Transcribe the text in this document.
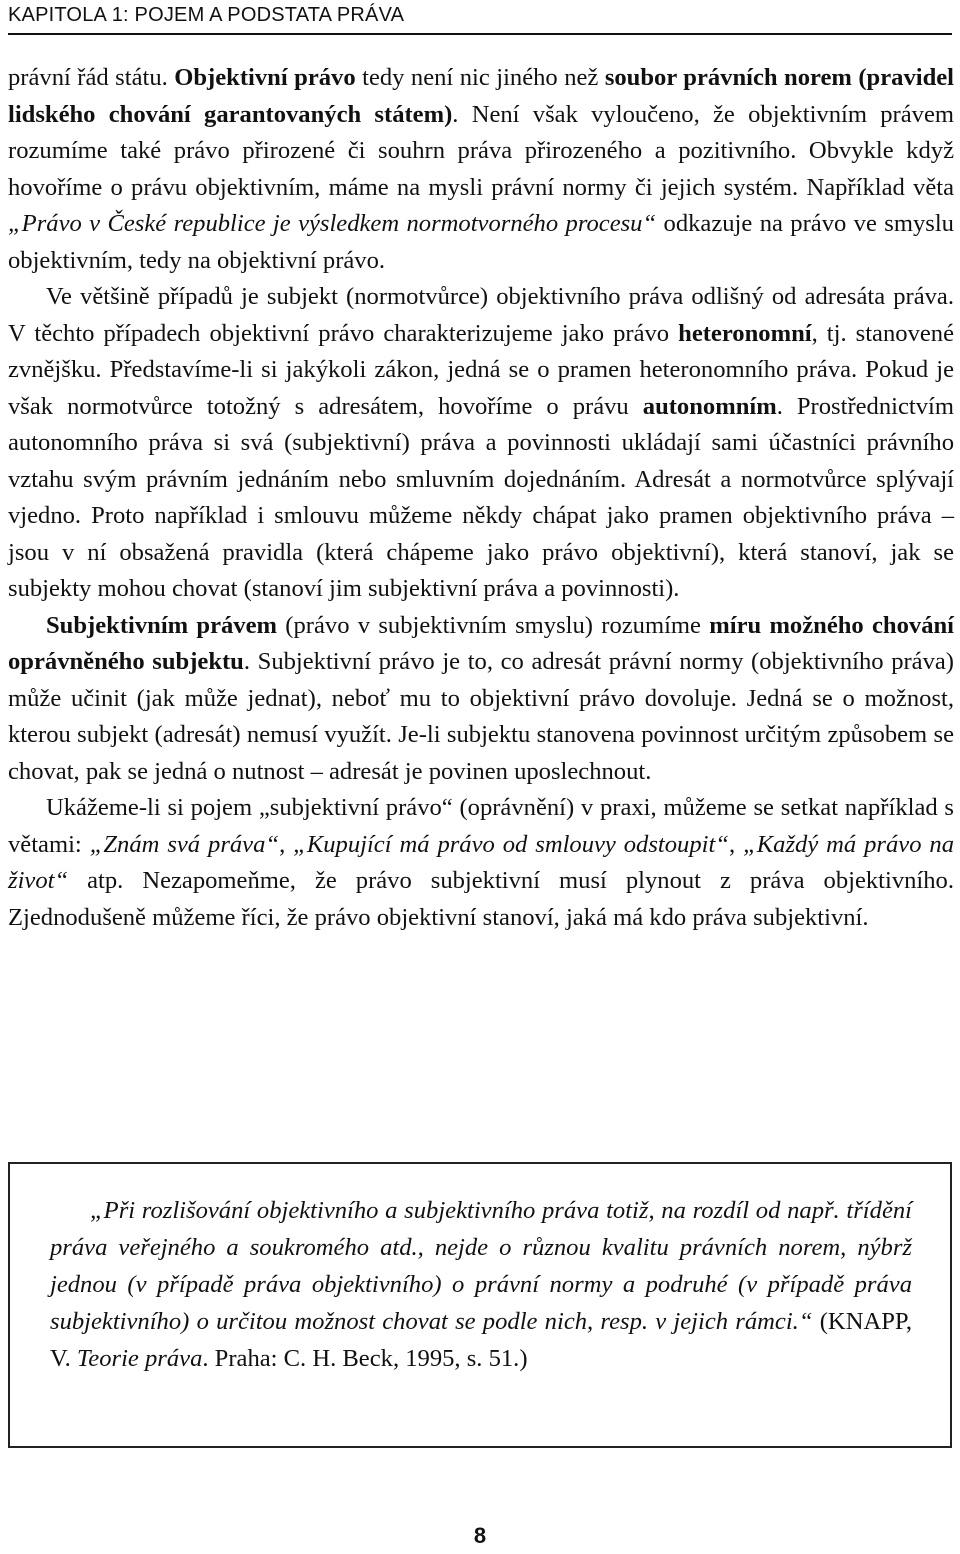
KAPITOLA 1: POJEM A PODSTATA PRÁVA

právní řád státu. Objektivní právo tedy není nic jiného než soubor právních norem (pravidel lidského chování garantovaných státem). Není však vyloučeno, že objektivním právem rozumíme také právo přirozené či souhrn práva přirozeného a pozitivního. Obvykle když hovoříme o právu objektivním, máme na mysli právní normy či jejich systém. Například věta „Právo v České republice je výsledkem normotvorného procesu“ odkazuje na právo ve smyslu objektivním, tedy na objektivní právo.

Ve většině případů je subjekt (normotvůrce) objektivního práva odlišný od adresáta práva. V těchto případech objektivní právo charakterizujeme jako právo heteronomní, tj. stanovené zvnějšku. Představíme-li si jakýkoli zákon, jedná se o pramen heteronomního práva. Pokud je však normotvůrce totožný s adresátem, hovoříme o právu autonomním. Prostřednictvím autonomního práva si svá (subjektivní) práva a povinnosti ukládají sami účastníci právního vztahu svým právním jednáním nebo smluvním dojednáním. Adresát a normotvůrce splývají vjedno. Proto například i smlouvu můžeme někdy chápat jako pramen objektivního práva – jsou v ní obsažená pravidla (která chápeme jako právo objektivní), která stanoví, jak se subjekty mohou chovat (stanoví jim subjektivní práva a povinnosti).

Subjektivním právem (právo v subjektivním smyslu) rozumíme míru možného chování oprávněného subjektu. Subjektivní právo je to, co adresát právní normy (objektivního práva) může učinit (jak může jednat), neboť mu to objektivní právo dovoluje. Jedná se o možnost, kterou subjekt (adresát) nemusí využít. Je-li subjektu stanovena povinnost určitým způsobem se chovat, pak se jedná o nutnost – adresát je povinen uposlechnout.

Ukážeme-li si pojem „subjektivní právo“ (oprávnění) v praxi, můžeme se setkat například s větami: „Znám svá práva“, „Kupující má právo od smlouvy odstoupit“, „Každý má právo na život“ atp. Nezapomeňme, že právo subjektivní musí plynout z práva objektivního. Zjednodušeně můžeme říci, že právo objektivní stanoví, jaká má kdo práva subjektivní.

„Při rozlišování objektivního a subjektivního práva totiž, na rozdíl od např. třídění práva veřejného a soukromého atd., nejde o různou kvalitu právních norem, nýbrž jednou (v případě práva objektivního) o právní normy a podruhé (v případě práva subjektivního) o určitou možnost chovat se podle nich, resp. v jejich rámci.“ (KNAPP, V. Teorie práva. Praha: C. H. Beck, 1995, s. 51.)
8
